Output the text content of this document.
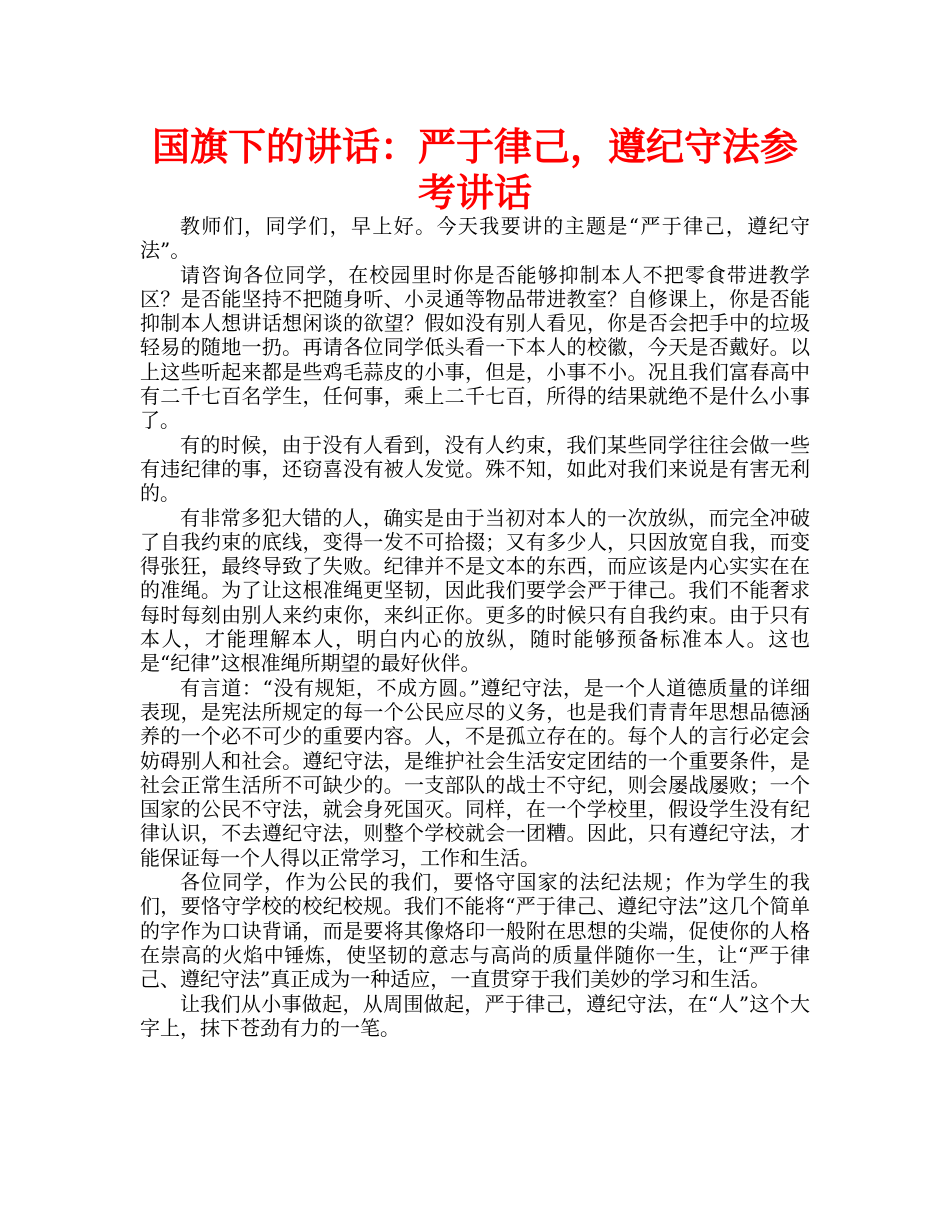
国旗下的讲话：严于律己，遵纪守法参考讲话

教师们，同学们，早上好。今天我要讲的主题是“严于律己，遵纪守法”。

请咨询各位同学，在校园里时你是否能够抑制本人不把零食带进教学区？是否能坚持不把随身听、小灵通等物品带进教室？自修课上，你是否能抑制本人想讲话想闲谈的欲望？假如没有别人看见，你是否会把手中的垃圾轻易的随地一扔。再请各位同学低头看一下本人的校徽，今天是否戴好。以上这些听起来都是些鸡毛蒜皮的小事，但是，小事不小。况且我们富春高中有二千七百名学生，任何事，乘上二千七百，所得的结果就绝不是什么小事了。

有的时候，由于没有人看到，没有人约束，我们某些同学往往会做一些有违纪律的事，还窃喜没有被人发觉。殊不知，如此对我们来说是有害无利的。

有非常多犯大错的人，确实是由于当初对本人的一次放纵，而完全冲破了自我约束的底线，变得一发不可拾掇；又有多少人，只因放宽自我，而变得张狂，最终导致了失败。纪律并不是文本的东西，而应该是内心实实在在的准绳。为了让这根准绳更坚韧，因此我们要学会严于律己。我们不能奢求每时每刻由别人来约束你，来纠正你。更多的时候只有自我约束。由于只有本人，才能理解本人，明白内心的放纵，随时能够预备标准本人。这也是“纪律”这根准绳所期望的最好伙伴。

有言道：“没有规矩，不成方圆。”遵纪守法，是一个人道德质量的详细表现，是宪法所规定的每一个公民应尽的义务，也是我们青青年思想品德涵养的一个必不可少的重要内容。人，不是孤立存在的。每个人的言行必定会妨碍别人和社会。遵纪守法，是维护社会生活安定团结的一个重要条件，是社会正常生活所不可缺少的。一支部队的战士不守纪，则会屡战屡败；一个国家的公民不守法，就会身死国灭。同样，在一个学校里，假设学生没有纪律认识，不去遵纪守法，则整个学校就会一团糟。因此，只有遵纪守法，才能保证每一个人得以正常学习，工作和生活。

各位同学，作为公民的我们，要恪守国家的法纪法规；作为学生的我们，要恪守学校的校纪校规。我们不能将“严于律己、遵纪守法”这几个简单的字作为口诀背诵，而是要将其像烙印一般附在思想的尖端，促使你的人格在崇高的火焰中锤炼，使坚韧的意志与高尚的质量伴随你一生，让“严于律己、遵纪守法”真正成为一种适应，一直贯穿于我们美妙的学习和生活。

让我们从小事做起，从周围做起，严于律己，遵纪守法，在“人”这个大字上，抹下苍劲有力的一笔。
